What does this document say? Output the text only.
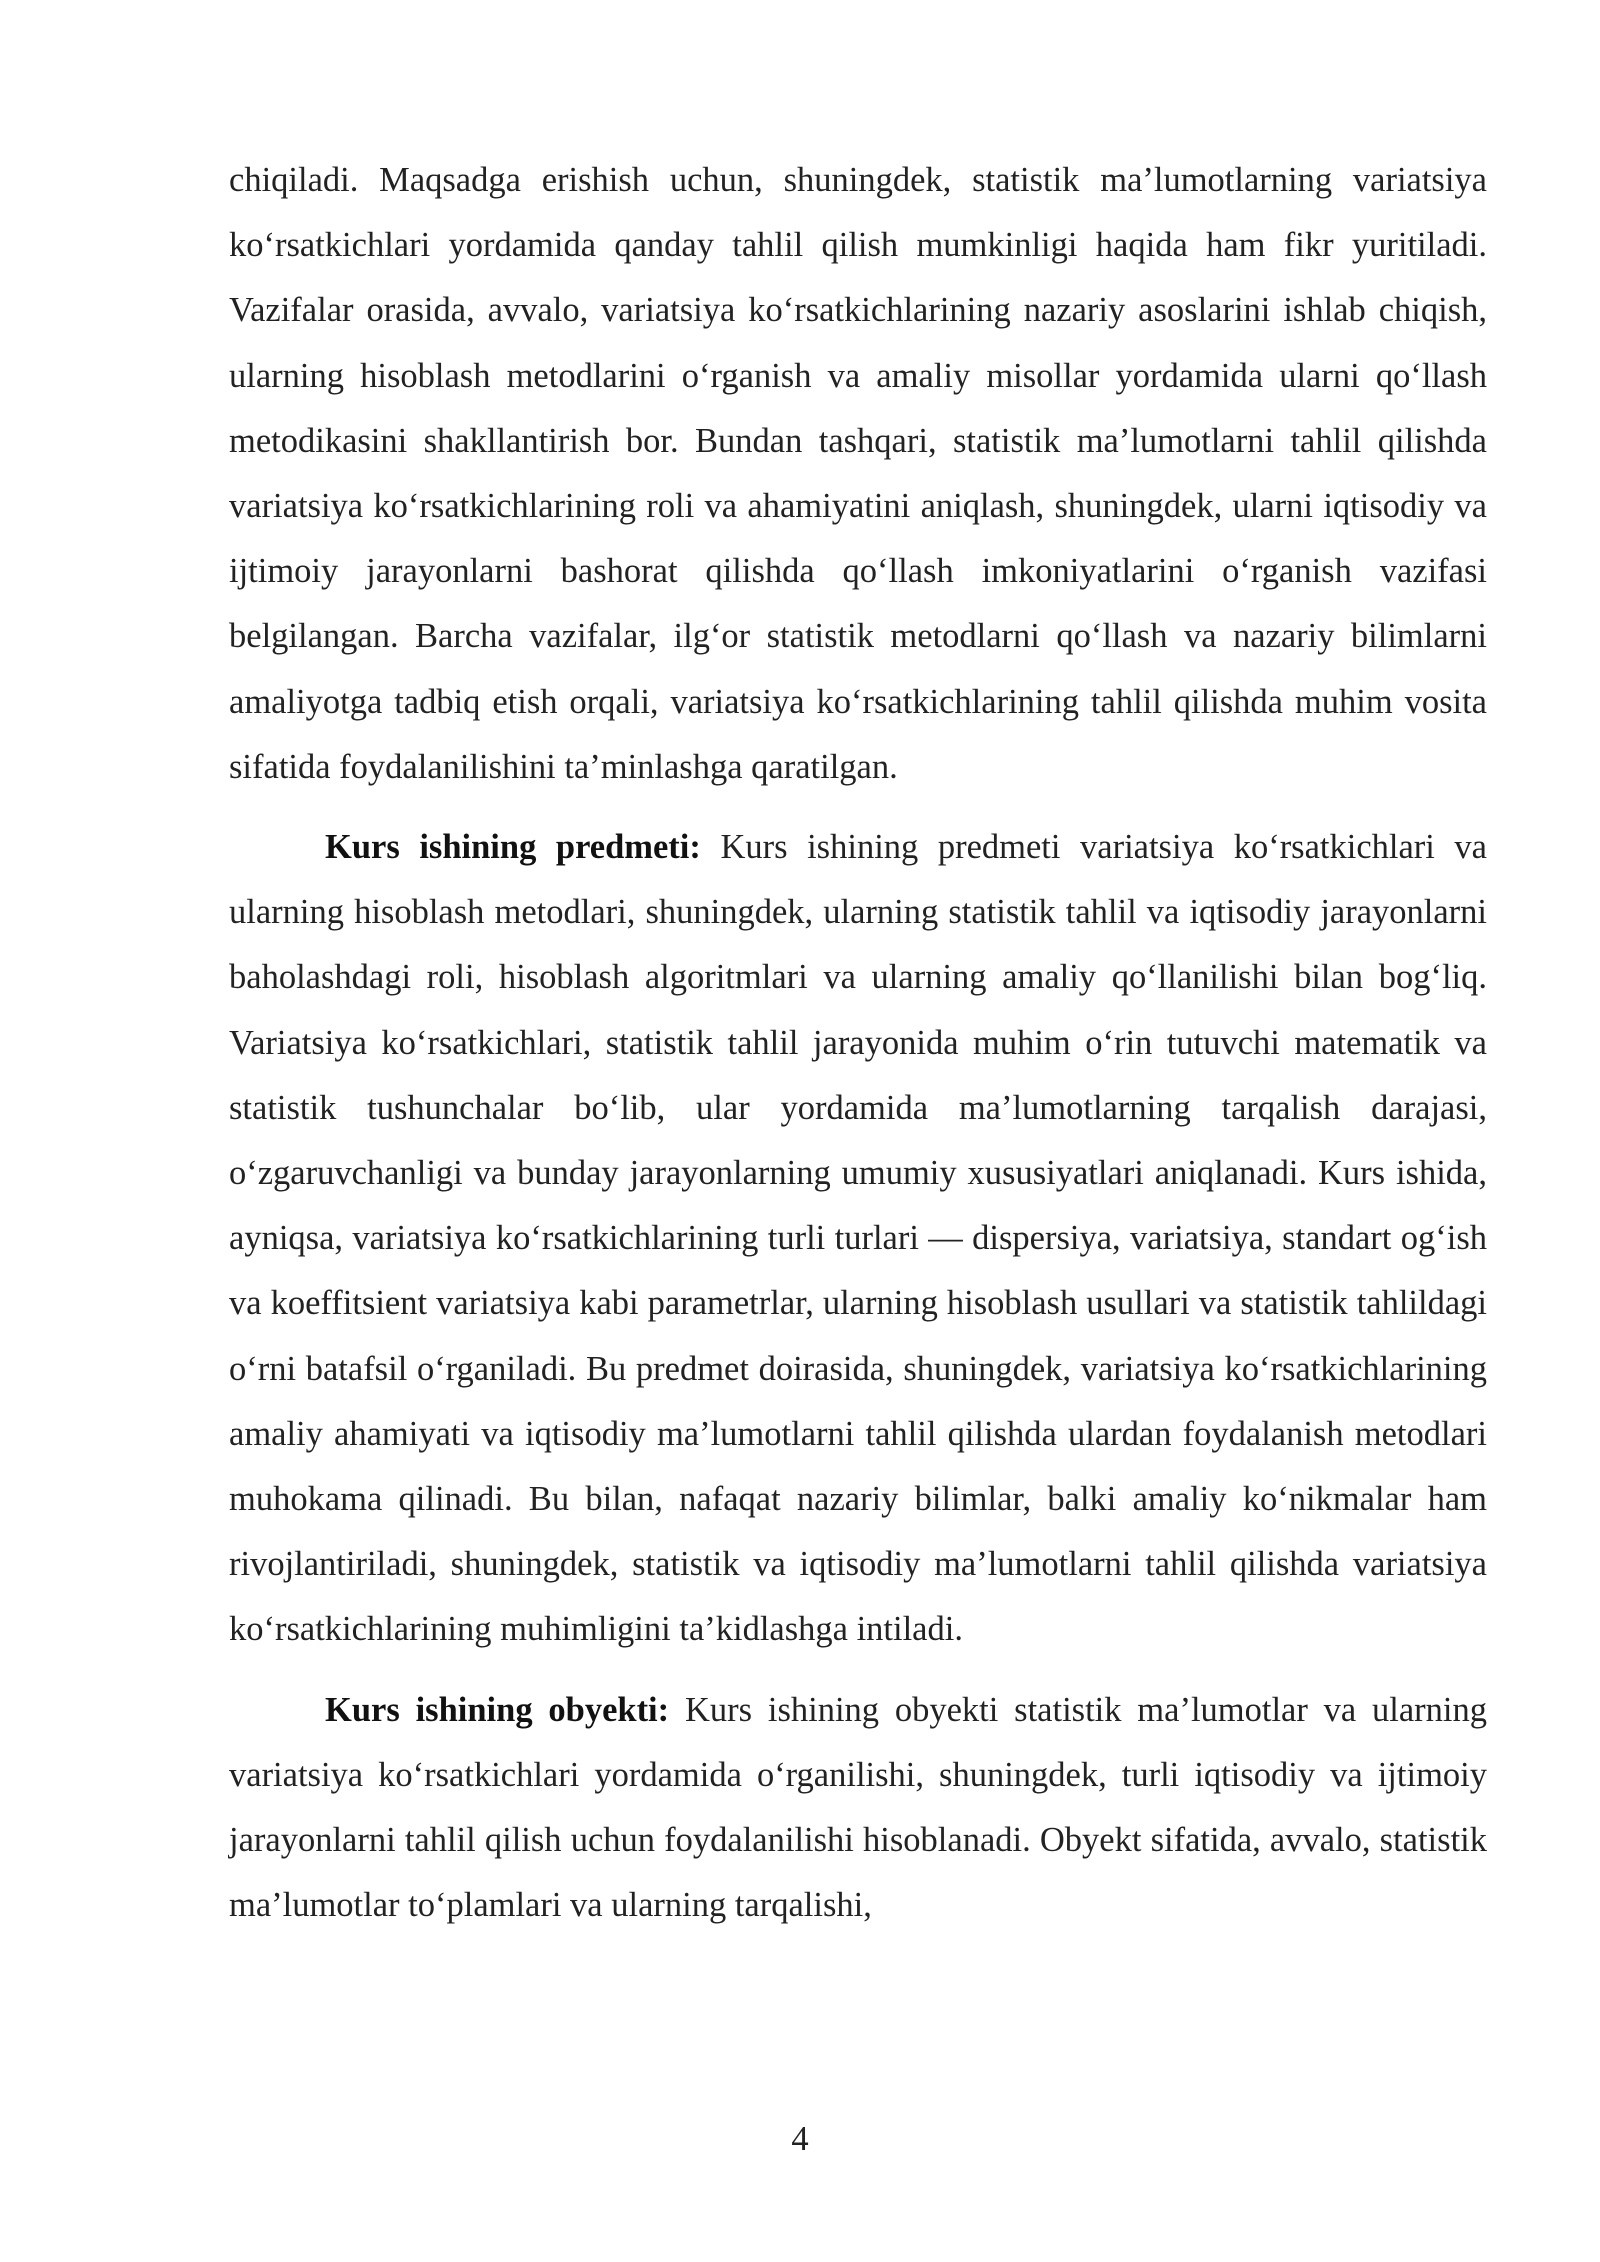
chiqiladi. Maqsadga erishish uchun, shuningdek, statistik ma’lumotlarning variatsiya ko‘rsatkichlari yordamida qanday tahlil qilish mumkinligi haqida ham fikr yuritiladi. Vazifalar orasida, avvalo, variatsiya ko‘rsatkichlarining nazariy asoslarini ishlab chiqish, ularning hisoblash metodlarini o‘rganish va amaliy misollar yordamida ularni qo‘llash metodikasini shakllantirish bor. Bundan tashqari, statistik ma’lumotlarni tahlil qilishda variatsiya ko‘rsatkichlarining roli va ahamiyatini aniqlash, shuningdek, ularni iqtisodiy va ijtimoiy jarayonlarni bashorat qilishda qo‘llash imkoniyatlarini o‘rganish vazifasi belgilangan. Barcha vazifalar, ilg‘or statistik metodlarni qo‘llash va nazariy bilimlarni amaliyotga tadbiq etish orqali, variatsiya ko‘rsatkichlarining tahlil qilishda muhim vosita sifatida foydalanilishini ta’minlashga qaratilgan.

Kurs ishining predmeti: Kurs ishining predmeti variatsiya ko‘rsatkichlari va ularning hisoblash metodlari, shuningdek, ularning statistik tahlil va iqtisodiy jarayonlarni baholashdagi roli, hisoblash algoritmlari va ularning amaliy qo‘llanilishi bilan bog‘liq. Variatsiya ko‘rsatkichlari, statistik tahlil jarayonida muhim o‘rin tutuvchi matematik va statistik tushunchalar bo‘lib, ular yordamida ma’lumotlarning tarqalish darajasi, o‘zgaruvchanligi va bunday jarayonlarning umumiy xususiyatlari aniqlanadi. Kurs ishida, ayniqsa, variatsiya ko‘rsatkichlarining turli turlari — dispersiya, variatsiya, standart og‘ish va koeffitsient variatsiya kabi parametrlar, ularning hisoblash usullari va statistik tahlildagi o‘rni batafsil o‘rganiladi. Bu predmet doirasida, shuningdek, variatsiya ko‘rsatkichlarining amaliy ahamiyati va iqtisodiy ma’lumotlarni tahlil qilishda ulardan foydalanish metodlari muhokama qilinadi. Bu bilan, nafaqat nazariy bilimlar, balki amaliy ko‘nikmalar ham rivojlantiriladi, shuningdek, statistik va iqtisodiy ma’lumotlarni tahlil qilishda variatsiya ko‘rsatkichlarining muhimligini ta’kidlashga intiladi.

Kurs ishining obyekti: Kurs ishining obyekti statistik ma’lumotlar va ularning variatsiya ko‘rsatkichlari yordamida o‘rganilishi, shuningdek, turli iqtisodiy va ijtimoiy jarayonlarni tahlil qilish uchun foydalanilishi hisoblanadi. Obyekt sifatida, avvalo, statistik ma’lumotlar to‘plamlari va ularning tarqalishi,

4
